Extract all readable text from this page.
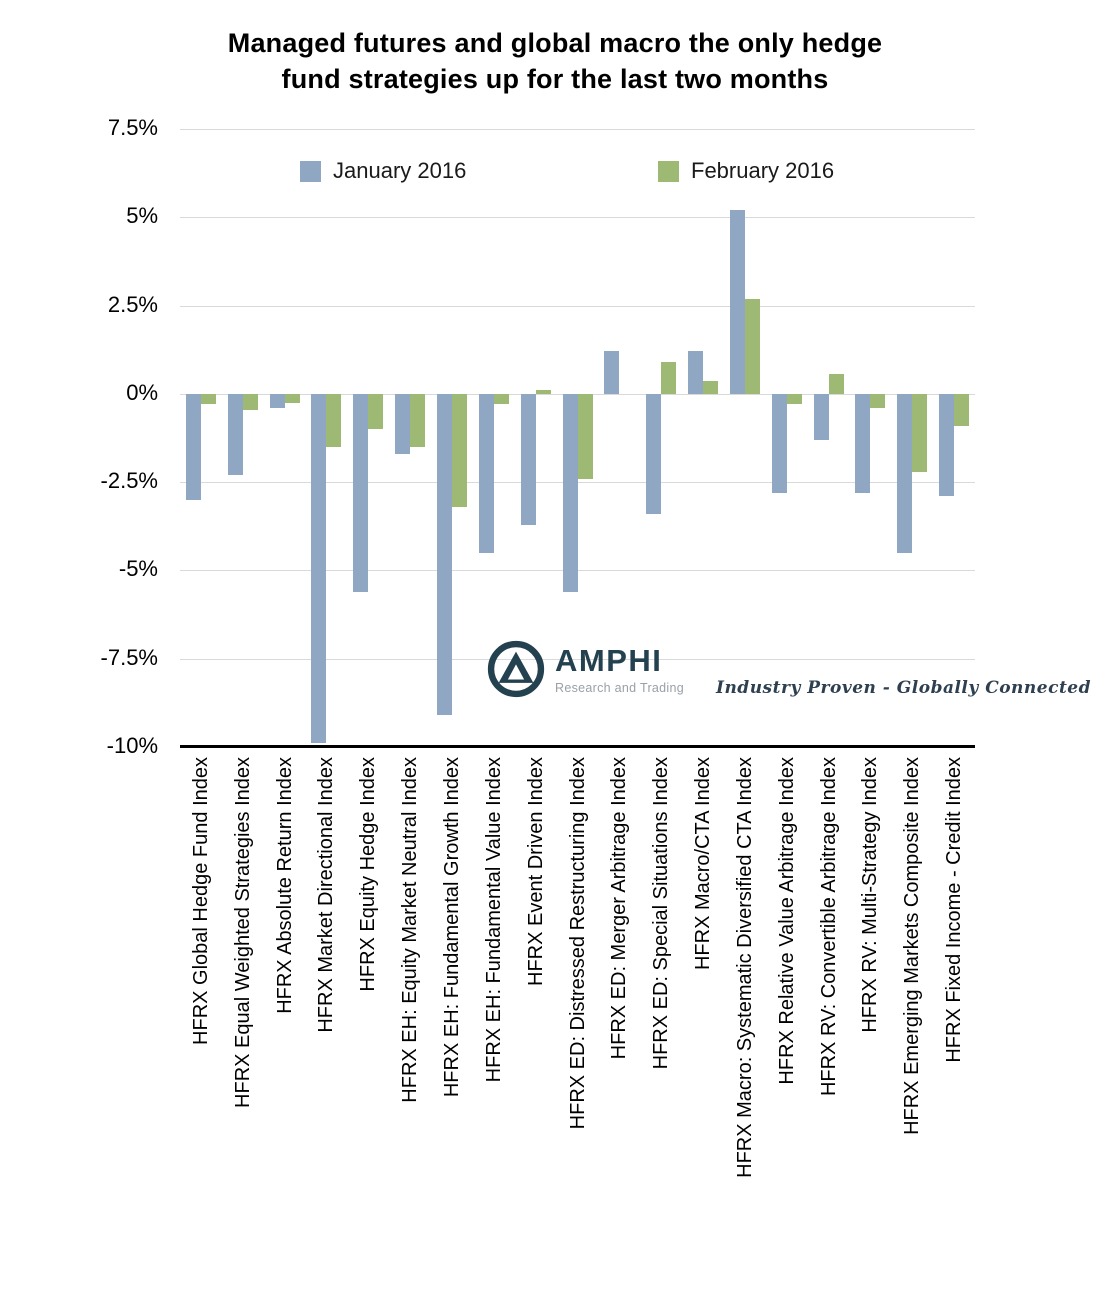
Managed futures and global macro the only hedge
fund strategies up for the last two months
January 2016	February 2016
AMPHI
Research and Trading Industry Proven - Globally Connected
7.5%
5%
2.5%
0%
-2.5%
-5%
-7.5%
-10%
HFRX Global Hedge Fund Index HFRX Equal Weighted Strategies Index HFRX Absolute Return Index HFRX Market Directional Index HFRX Equity Hedge Index HFRX EH: Equity Market Neutral Index HFRX EH: Fundamental Growth Index HFRX EH: Fundamental Value Index HFRX Event Driven Index HFRX ED: Distressed Restructuring Index HFRX ED: Merger Arbitrage Index HFRX ED: Special Situations Index HFRX Macro/CTA Index HFRX Macro: Systematic Diversified CTA Index HFRX Relative Value Arbitrage Index HFRX RV: Convertible Arbitrage Index HFRX RV: Multi-Strategy Index HFRX Emerging Markets Composite Index HFRX Fixed Income - Credit Index
